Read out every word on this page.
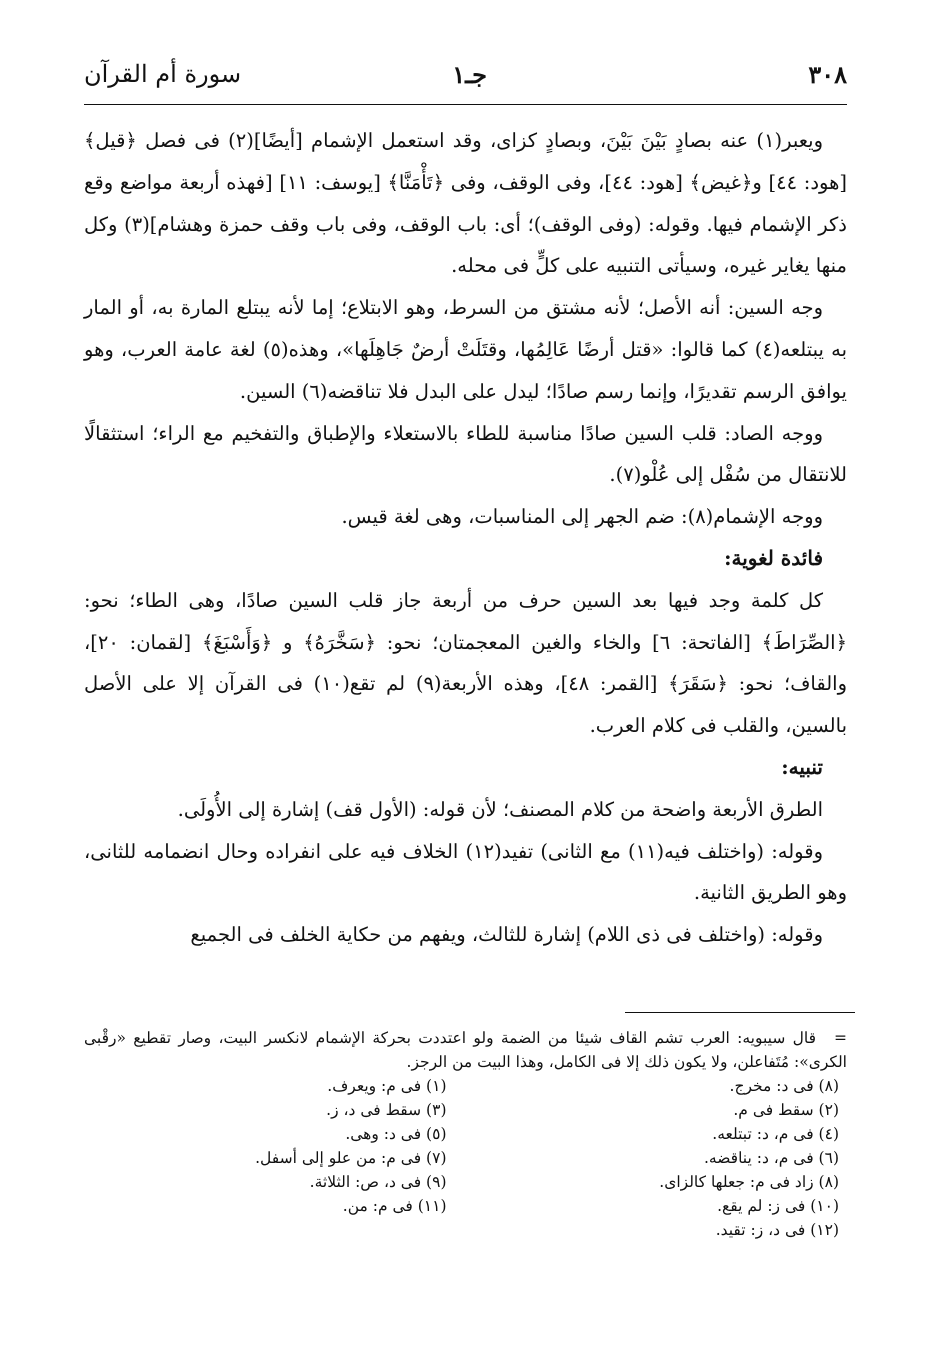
٣٠٨
جـ١
سورة أم القرآن

ويعبر(١) عنه بصادٍ بَيْنَ بَيْنَ، وبصادٍ كزاى، وقد استعمل الإشمام [أيضًا](٢) فى فصل ﴿قيل﴾ [هود: ٤٤] و﴿غيض﴾ [هود: ٤٤]، وفى الوقف، وفى ﴿تَأْمَنَّا﴾ [يوسف: ١١] [فهذه أربعة مواضع وقع ذكر الإشمام فيها. وقوله: (وفى الوقف)؛ أى: باب الوقف، وفى باب وقف حمزة وهشام](٣) وكل منها يغاير غيره، وسيأتى التنبيه على كلٍّ فى محله.

وجه السين: أنه الأصل؛ لأنه مشتق من السرط، وهو الابتلاع؛ إما لأنه يبتلع المارة به، أو المار به يبتلعه(٤) كما قالوا: «قتل أرضًا عَالِمُها، وقتَلَتْ أرضٌ جَاهِلَها»، وهذه(٥) لغة عامة العرب، وهو يوافق الرسم تقديرًا، وإنما رسم صادًا؛ ليدل على البدل فلا تناقضه(٦) السين.

ووجه الصاد: قلب السين صادًا مناسبة للطاء بالاستعلاء والإطباق والتفخيم مع الراء؛ استثقالًا للانتقال من سُفْل إلى عُلْو(٧).

ووجه الإشمام(٨): ضم الجهر إلى المناسبات، وهى لغة قيس.

فائدة لغوية:

كل كلمة وجد فيها بعد السين حرف من أربعة جاز قلب السين صادًا، وهى الطاء؛ نحو: ﴿الصِّرَاطَ﴾ [الفاتحة: ٦] والخاء والغين المعجمتان؛ نحو: ﴿سَخَّرَهُ﴾ و ﴿وَأَسْبَغَ﴾ [لقمان: ٢٠]، والقاف؛ نحو: ﴿سَقَرَ﴾ [القمر: ٤٨]، وهذه الأربعة(٩) لم تقع(١٠) فى القرآن إلا على الأصل بالسين، والقلب فى كلام العرب.

تنبيه:

الطرق الأربعة واضحة من كلام المصنف؛ لأن قوله: (الأول قف) إشارة إلى الأُولَى.

وقوله: (واختلف فيه(١١) مع الثانى) تفيد(١٢) الخلاف فيه على انفراده وحال انضمامه للثانى، وهو الطريق الثانية.

وقوله: (واختلف فى ذى اللام) إشارة للثالث، ويفهم من حكاية الخلف فى الجميع

=قال سيبويه: العرب تشم القاف شيئا من الضمة ولو اعتددت بحركة الإشمام لانكسر البيت، وصار تقطيع «رقْبى الكرى»: مُتَفاعلن، ولا يكون ذلك إلا فى الكامل، وهذا البيت من الرجز.

(٨) فى د: مخرج.
(١) فى م: ويعرف.
(٢) سقط فى م.
(٣) سقط فى د، ز.
(٤) فى م، د: تبتلعه.
(٥) فى د: وهى.
(٦) فى م، د: يناقضه.
(٧) فى م: من علو إلى أسفل.
(٨) زاد فى م: جعلها كالزاى.
(٩) فى د، ص: الثلاثة.
(١٠) فى ز: لم يقع.
(١١) فى م: من.
(١٢) فى د، ز: تقيد.
